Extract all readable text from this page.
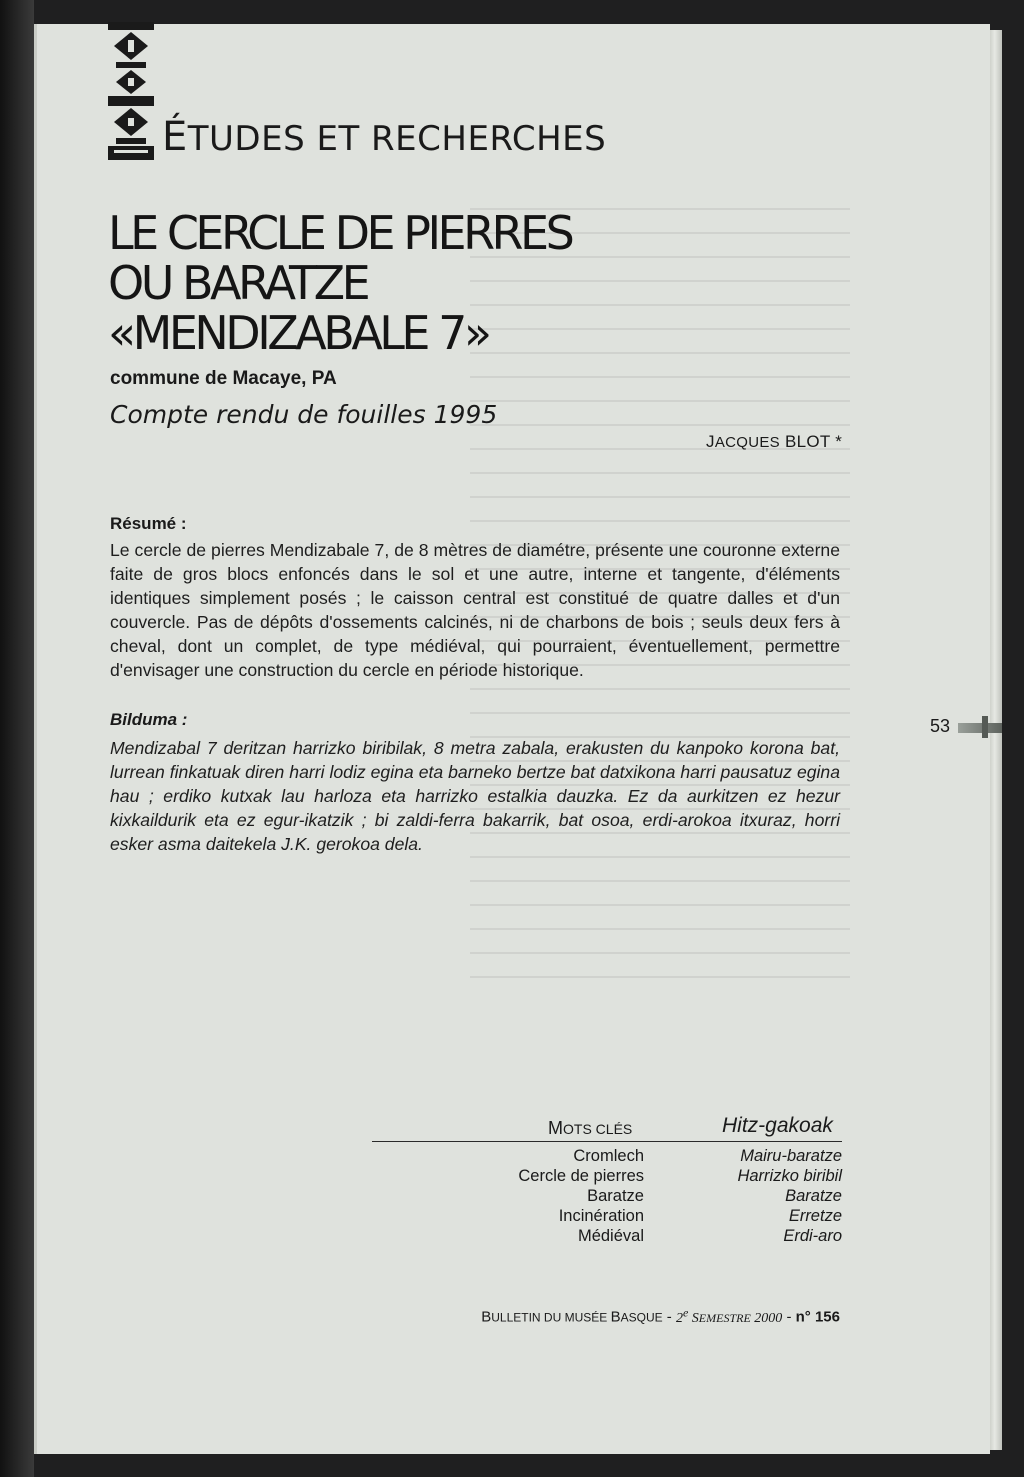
ÉTUDES ET RECHERCHES
LE CERCLE DE PIERRES
OU BARATZE
«MENDIZABALE 7»
commune de Macaye, PA
Compte rendu de fouilles 1995
JACQUES BLOT *
Résumé :
Le cercle de pierres Mendizabale 7, de 8 mètres de diamétre, présente une couronne externe faite de gros blocs enfoncés dans le sol et une autre, interne et tangente, d'éléments identiques simplement posés ; le caisson central est constitué de quatre dalles et d'un couvercle. Pas de dépôts d'ossements calcinés, ni de charbons de bois ; seuls deux fers à cheval, dont un complet, de type médiéval, qui pourraient, éventuellement, permettre d'envisager une construction du cercle en période historique.
Bilduma :
Mendizabal 7 deritzan harrizko biribilak, 8 metra zabala, erakusten du kanpoko korona bat, lurrean finkatuak diren harri lodiz egina eta barneko bertze bat datxikona harri pausatuz egina hau ; erdiko kutxak lau harloza eta harrizko estalkia dauzka. Ez da aurkitzen ez hezur kixkaildurik eta ez egur-ikatzik ; bi zaldi-ferra bakarrik, bat osoa, erdi-arokoa itxuraz, horri esker asma daitekela J.K. gerokoa dela.
53
MOTS CLÉS	Hitz-gakoak
Cromlech
Cercle de pierres
Baratze
Incinération
Médiéval
Mairu-baratze
Harrizko biribil
Baratze
Erretze
Erdi-aro
BULLETIN DU MUSÉE BASQUE - 2e SEMESTRE 2000 - n° 156
